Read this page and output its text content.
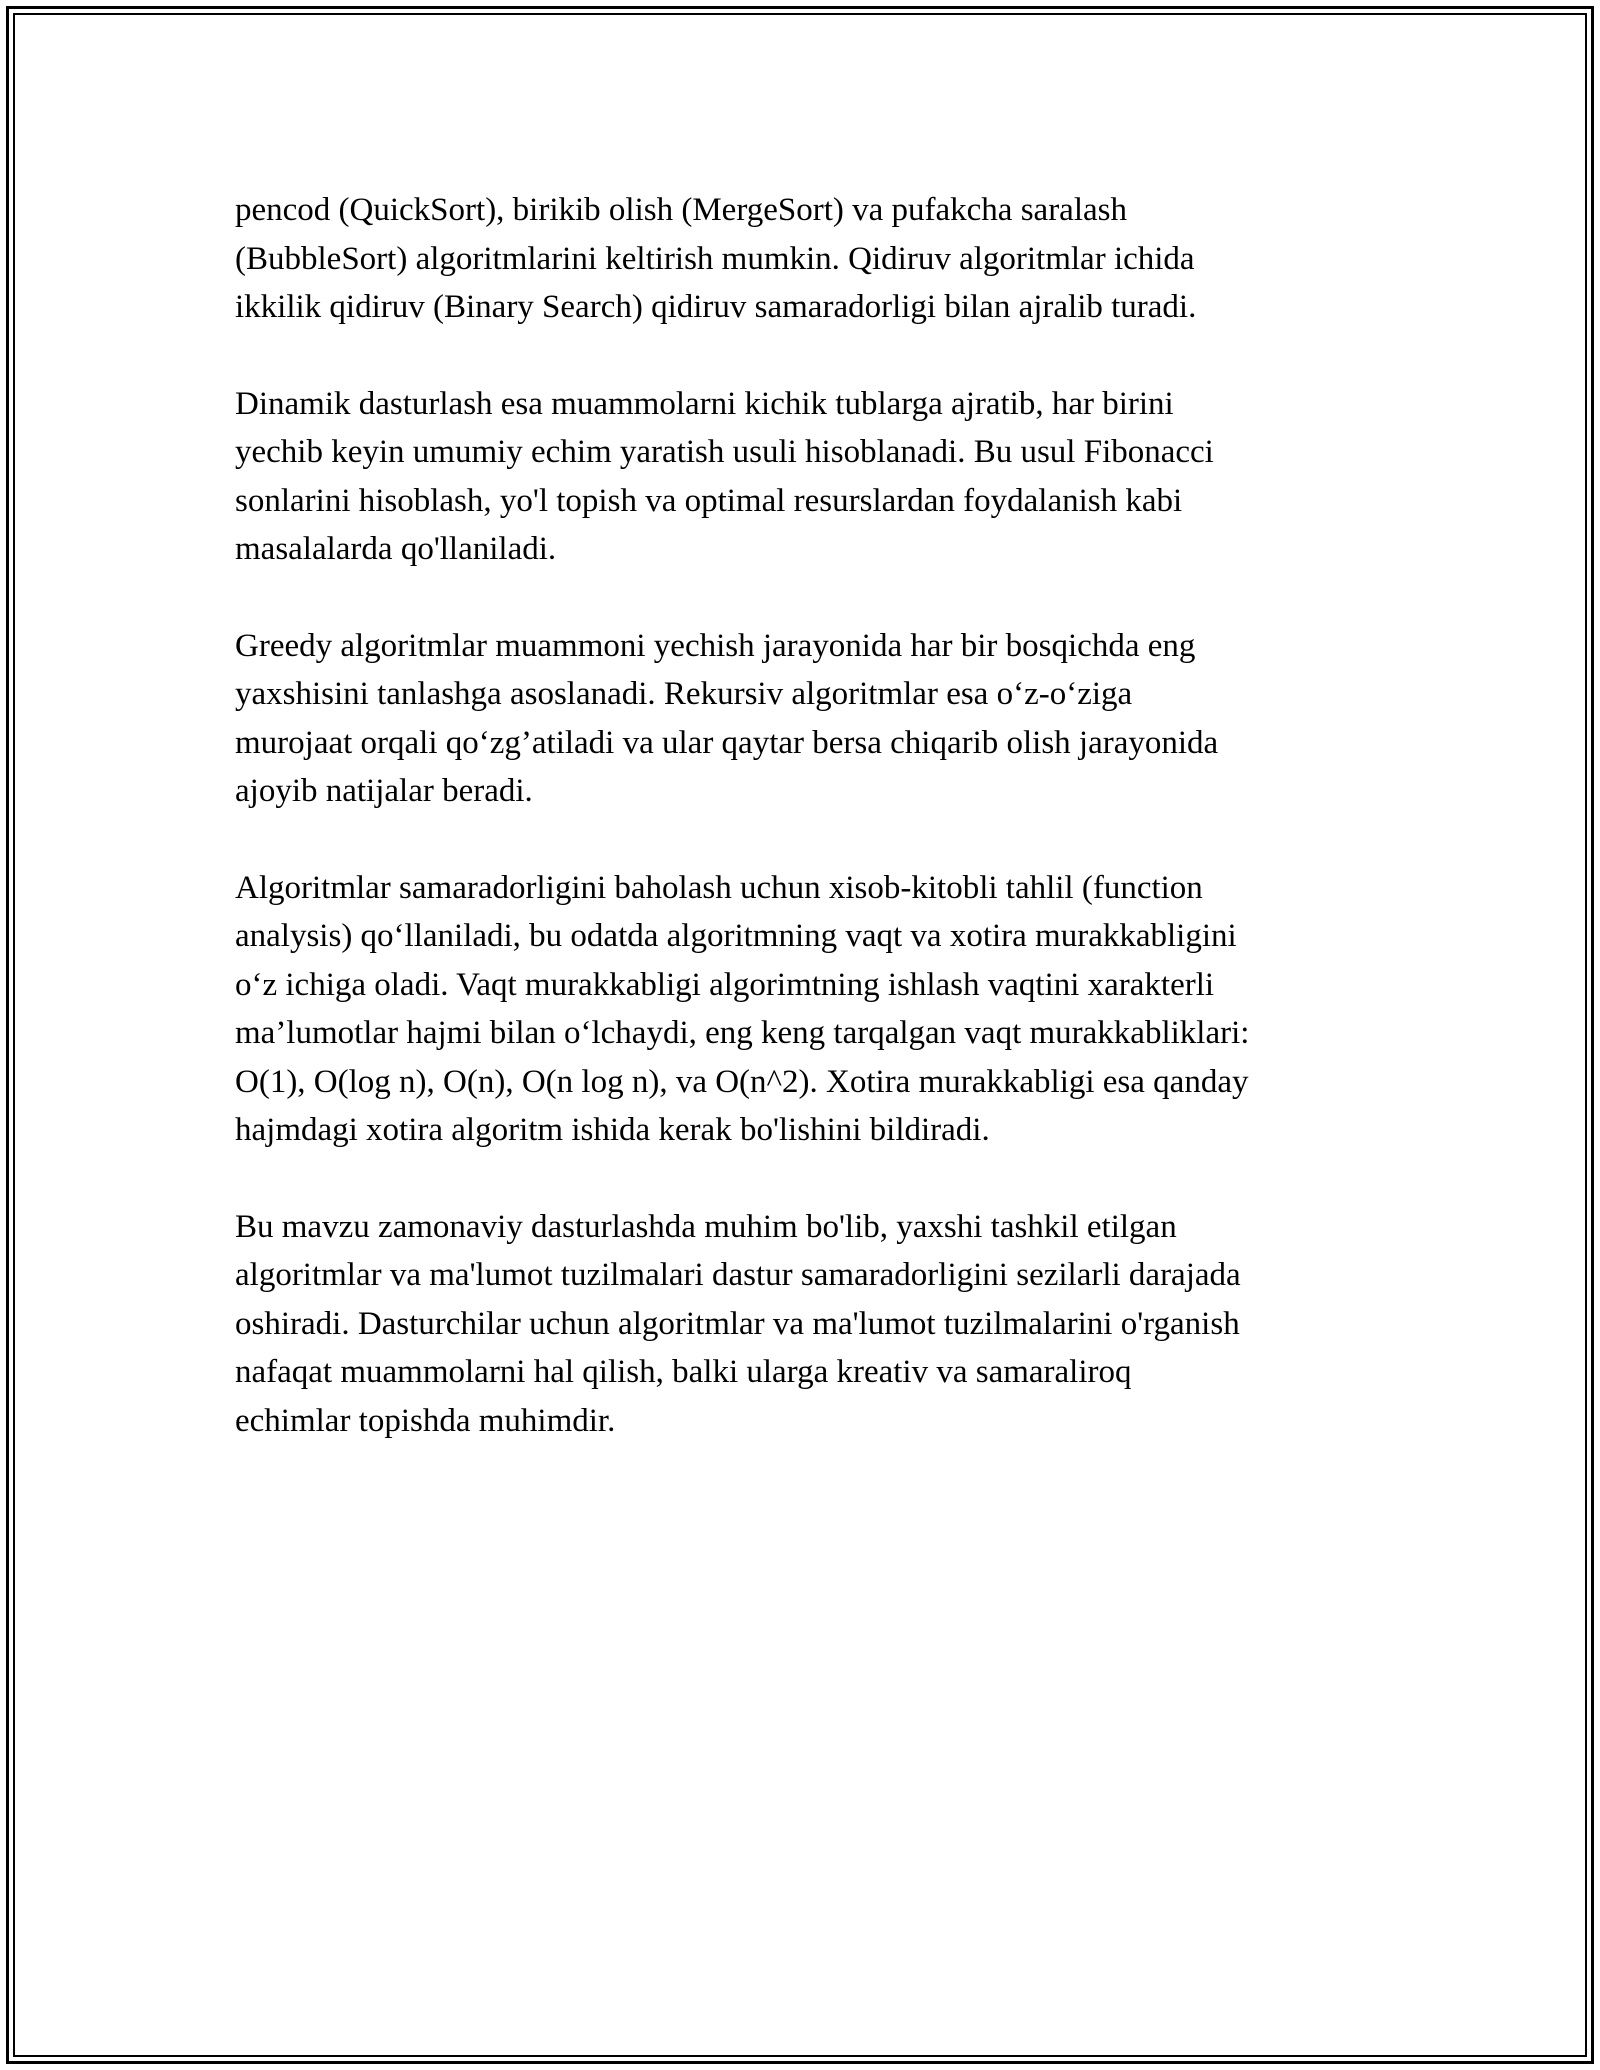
pencod (QuickSort), birikib olish (MergeSort) va pufakcha saralash
(BubbleSort) algoritmlarini keltirish mumkin. Qidiruv algoritmlar ichida
ikkilik qidiruv (Binary Search) qidiruv samaradorligi bilan ajralib turadi.

Dinamik dasturlash esa muammolarni kichik tublarga ajratib, har birini
yechib keyin umumiy echim yaratish usuli hisoblanadi. Bu usul Fibonacci
sonlarini hisoblash, yo'l topish va optimal resurslardan foydalanish kabi
masalalarda qo'llaniladi.

Greedy algoritmlar muammoni yechish jarayonida har bir bosqichda eng
yaxshisini tanlashga asoslanadi. Rekursiv algoritmlar esa o‘z-o‘ziga
murojaat orqali qo‘zg’atiladi va ular qaytar bersa chiqarib olish jarayonida
ajoyib natijalar beradi.

Algoritmlar samaradorligini baholash uchun xisob-kitobli tahlil (function
analysis) qo‘llaniladi, bu odatda algoritmning vaqt va xotira murakkabligini
o‘z ichiga oladi. Vaqt murakkabligi algorimtning ishlash vaqtini xarakterli
ma’lumotlar hajmi bilan o‘lchaydi, eng keng tarqalgan vaqt murakkabliklari:
O(1), O(log n), O(n), O(n log n), va O(n^2). Xotira murakkabligi esa qanday
hajmdagi xotira algoritm ishida kerak bo'lishini bildiradi.

Bu mavzu zamonaviy dasturlashda muhim bo'lib, yaxshi tashkil etilgan
algoritmlar va ma'lumot tuzilmalari dastur samaradorligini sezilarli darajada
oshiradi. Dasturchilar uchun algoritmlar va ma'lumot tuzilmalarini o'rganish
nafaqat muammolarni hal qilish, balki ularga kreativ va samaraliroq
echimlar topishda muhimdir.
